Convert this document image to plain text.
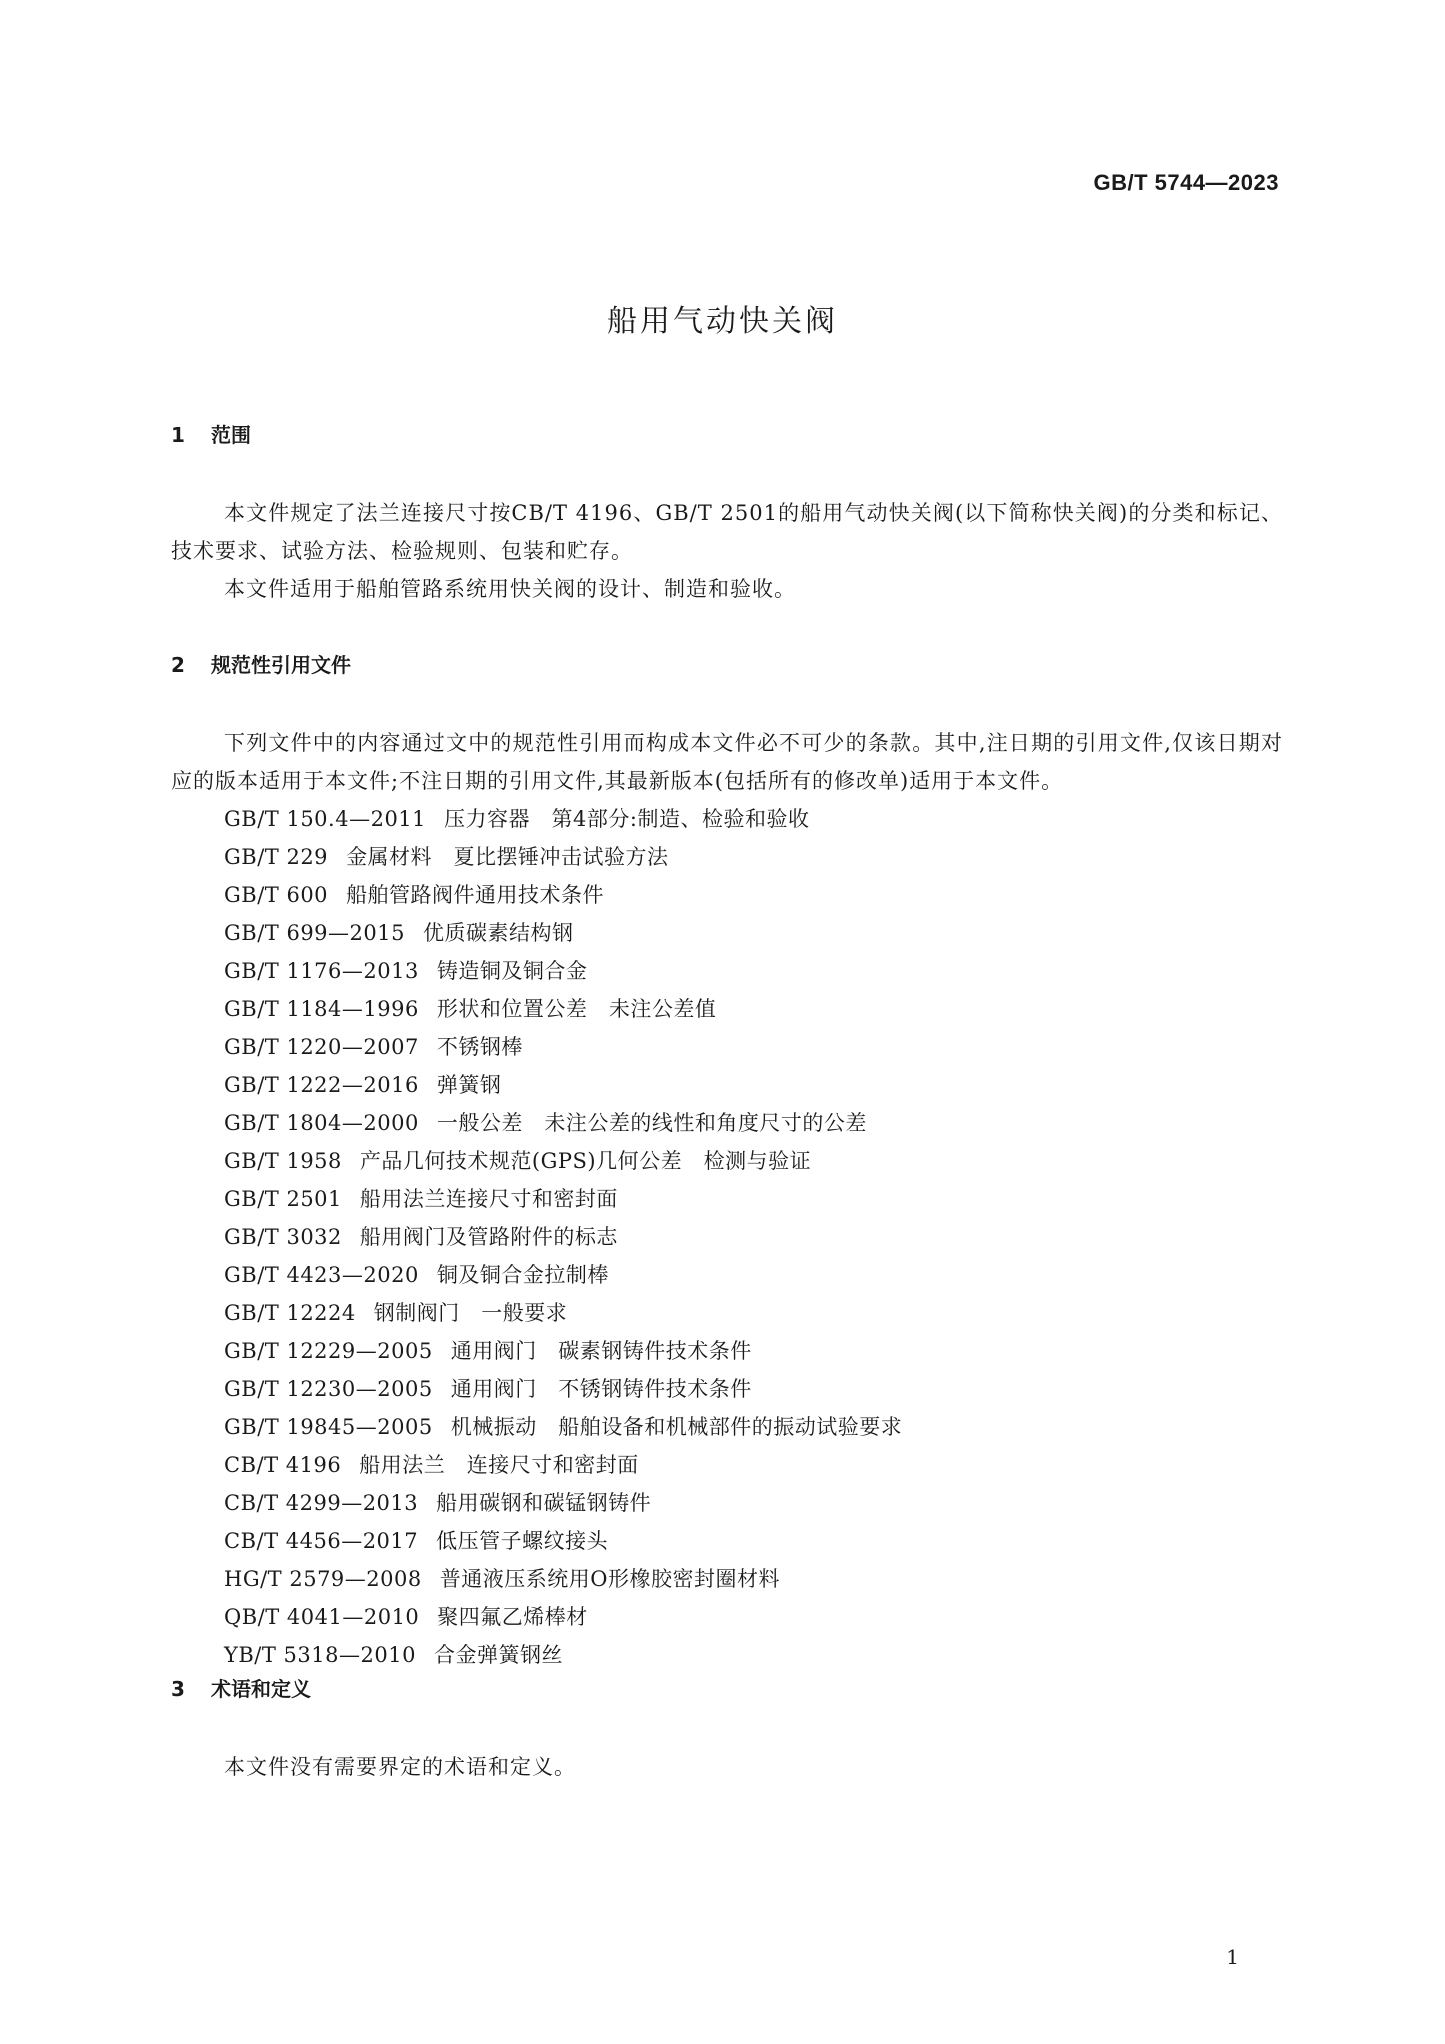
GB/T 5744—2023
船用气动快关阀
1 范围

本文件规定了法兰连接尺寸按CB/T 4196、GB/T 2501的船用气动快关阀(以下简称快关阀)的分类和标记、技术要求、试验方法、检验规则、包装和贮存。

本文件适用于船舶管路系统用快关阀的设计、制造和验收。

2 规范性引用文件

下列文件中的内容通过文中的规范性引用而构成本文件必不可少的条款。其中,注日期的引用文件,仅该日期对应的版本适用于本文件;不注日期的引用文件,其最新版本(包括所有的修改单)适用于本文件。

GB/T 150.4—2011 压力容器　第4部分:制造、检验和验收
GB/T 229 金属材料　夏比摆锤冲击试验方法
GB/T 600 船舶管路阀件通用技术条件
GB/T 699—2015 优质碳素结构钢
GB/T 1176—2013 铸造铜及铜合金
GB/T 1184—1996 形状和位置公差　未注公差值
GB/T 1220—2007 不锈钢棒
GB/T 1222—2016 弹簧钢
GB/T 1804—2000 一般公差　未注公差的线性和角度尺寸的公差
GB/T 1958 产品几何技术规范(GPS)几何公差　检测与验证
GB/T 2501 船用法兰连接尺寸和密封面
GB/T 3032 船用阀门及管路附件的标志
GB/T 4423—2020 铜及铜合金拉制棒
GB/T 12224 钢制阀门　一般要求
GB/T 12229—2005 通用阀门　碳素钢铸件技术条件
GB/T 12230—2005 通用阀门　不锈钢铸件技术条件
GB/T 19845—2005 机械振动　船舶设备和机械部件的振动试验要求
CB/T 4196 船用法兰　连接尺寸和密封面
CB/T 4299—2013 船用碳钢和碳锰钢铸件
CB/T 4456—2017 低压管子螺纹接头
HG/T 2579—2008 普通液压系统用O形橡胶密封圈材料
QB/T 4041—2010 聚四氟乙烯棒材
YB/T 5318—2010 合金弹簧钢丝
3 术语和定义

本文件没有需要界定的术语和定义。

1
